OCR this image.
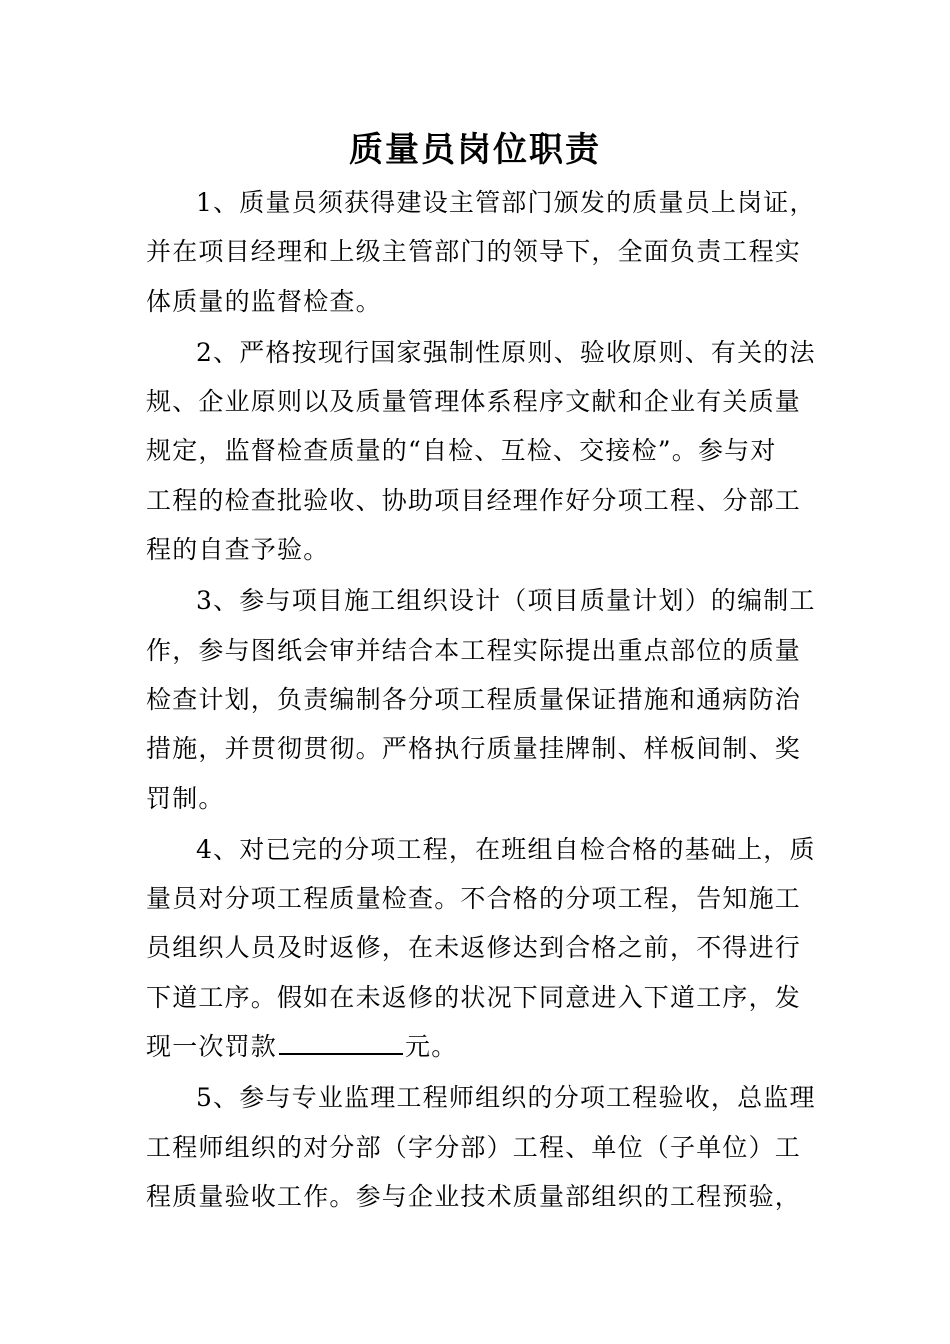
质量员岗位职责
1、质量员须获得建设主管部门颁发的质量员上岗证，
并在项目经理和上级主管部门的领导下，全面负责工程实
体质量的监督检查。
2、严格按现行国家强制性原则、验收原则、有关的法
规、企业原则以及质量管理体系程序文献和企业有关质量
规定，监督检查质量的“自检、互检、交接检”。参与对
工程的检查批验收、协助项目经理作好分项工程、分部工
程的自查予验。
3、参与项目施工组织设计（项目质量计划）的编制工
作，参与图纸会审并结合本工程实际提出重点部位的质量
检查计划，负责编制各分项工程质量保证措施和通病防治
措施，并贯彻贯彻。严格执行质量挂牌制、样板间制、奖
罚制。
4、对已完的分项工程，在班组自检合格的基础上，质
量员对分项工程质量检查。不合格的分项工程，告知施工
员组织人员及时返修，在未返修达到合格之前，不得进行
下道工序。假如在未返修的状况下同意进入下道工序，发
现一次罚款	元。
5、参与专业监理工程师组织的分项工程验收，总监理
工程师组织的对分部（字分部）工程、单位（子单位）工
程质量验收工作。参与企业技术质量部组织的工程预验，
